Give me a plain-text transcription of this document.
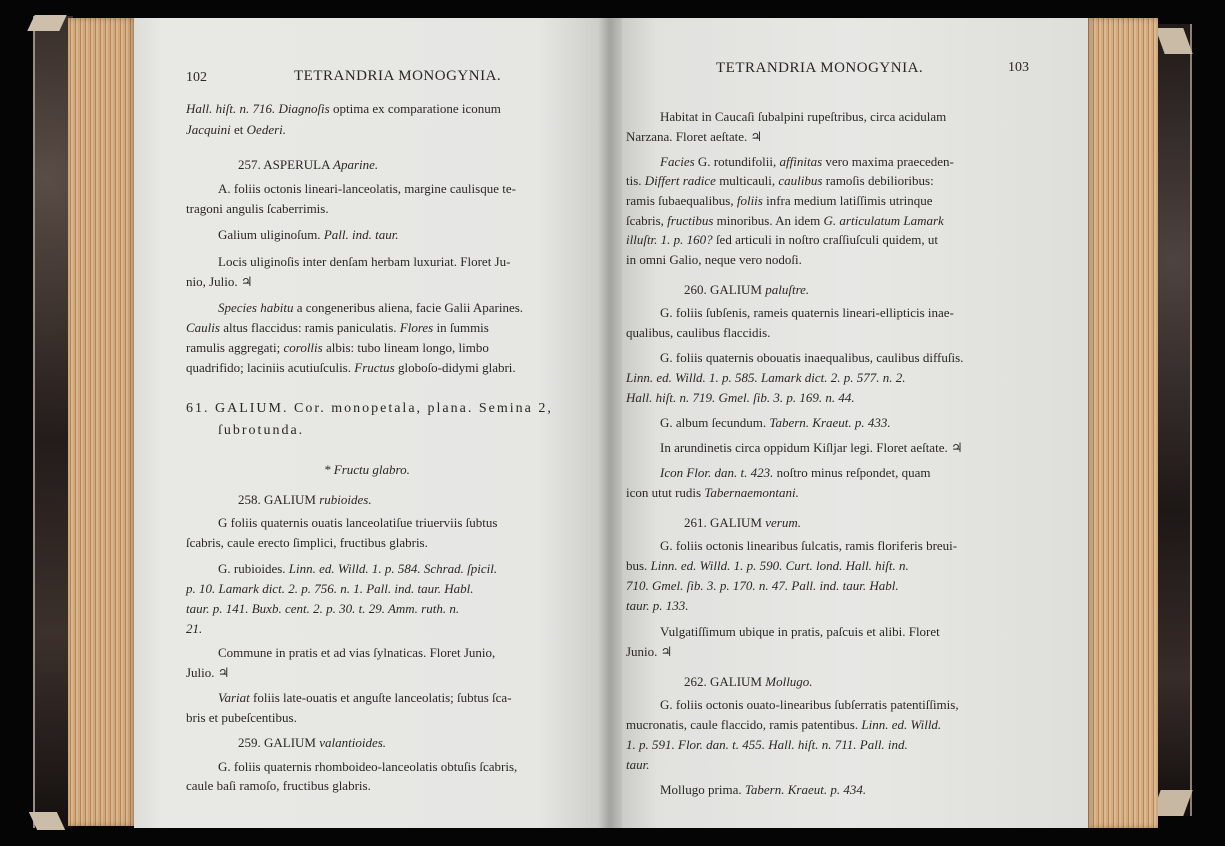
102	TETRANDRIA MONOGYNIA.
Hall. hiſt. n. 716. Diagnoſis optima ex comparatione iconum
Jacquini et Oederi.
257. ASPERULA Aparine.
A. foliis octonis lineari-lanceolatis, margine caulisque te-
tragoni angulis ſcaberrimis.
Galium uliginoſum. Pall. ind. taur.
Locis uliginoſis inter denſam herbam luxuriat. Floret Ju-
nio, Julio. ♃
Species habitu a congeneribus aliena, facie Galii Aparines.
Caulis altus flaccidus: ramis paniculatis. Flores in ſummis
ramulis aggregati; corollis albis: tubo lineam longo, limbo
quadrifido; laciniis acutiuſculis. Fructus globoſo-didymi glabri.
61. GALIUM. Cor. monopetala, plana. Semina 2,
ſubrotunda.
* Fructu glabro.
258. GALIUM rubioides.
G foliis quaternis ouatis lanceolatiſue triuerviis ſubtus
ſcabris, caule erecto ſimplici, fructibus glabris.
G. rubioides. Linn. ed. Willd. 1. p. 584. Schrad. ſpicil.
p. 10. Lamark dict. 2. p. 756. n. 1. Pall. ind. taur. Habl.
taur. p. 141. Buxb. cent. 2. p. 30. t. 29. Amm. ruth. n.
21.
Commune in pratis et ad vias ſylnaticas. Floret Junio,
Julio. ♃
Variat foliis late-ouatis et anguſte lanceolatis; ſubtus ſca-
bris et pubeſcentibus.
259. GALIUM valantioides.
G. foliis quaternis rhomboideo-lanceolatis obtuſis ſcabris,
caule baſi ramoſo, fructibus glabris.
TETRANDRIA MONOGYNIA.	103
Habitat in Caucaſi ſubalpini rupeſtribus, circa acidulam
Narzana. Floret aeſtate. ♃
Facies G. rotundifolii, affinitas vero maxima praeceden-
tis. Differt radice multicauli, caulibus ramoſis debilioribus:
ramis ſubaequalibus, foliis infra medium latiſſimis utrinque
ſcabris, fructibus minoribus. An idem G. articulatum Lamark
illuſtr. 1. p. 160? ſed articuli in noſtro craſſiuſculi quidem, ut
in omni Galio, neque vero nodoſi.
260. GALIUM paluſtre.
G. foliis ſubſenis, rameis quaternis lineari-ellipticis inae-
qualibus, caulibus flaccidis.
G. foliis quaternis obouatis inaequalibus, caulibus diffuſis.
Linn. ed. Willd. 1. p. 585. Lamark dict. 2. p. 577. n. 2.
Hall. hiſt. n. 719. Gmel. ſib. 3. p. 169. n. 44.
G. album ſecundum. Tabern. Kraeut. p. 433.
In arundinetis circa oppidum Kiſljar legi. Floret aeſtate. ♃
Icon Flor. dan. t. 423. noſtro minus reſpondet, quam
icon utut rudis Tabernaemontani.
261. GALIUM verum.
G. foliis octonis linearibus ſulcatis, ramis floriferis breui-
bus. Linn. ed. Willd. 1. p. 590. Curt. lond. Hall. hiſt. n.
710. Gmel. ſib. 3. p. 170. n. 47. Pall. ind. taur. Habl.
taur. p. 133.
Vulgatiſſimum ubique in pratis, paſcuis et alibi. Floret
Junio. ♃
262. GALIUM Mollugo.
G. foliis octonis ouato-linearibus ſubſerratis patentiſſimis,
mucronatis, caule flaccido, ramis patentibus. Linn. ed. Willd.
1. p. 591. Flor. dan. t. 455. Hall. hiſt. n. 711. Pall. ind.
taur.
Mollugo prima. Tabern. Kraeut. p. 434.
